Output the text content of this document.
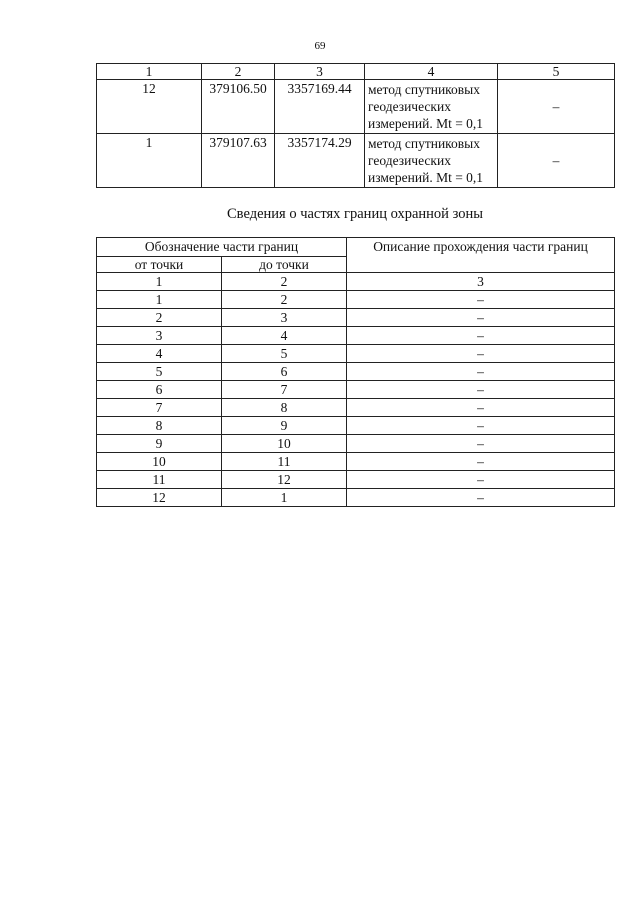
69
1	2	3	4	5
12	379106.50	3357169.44	метод спутниковых
геодезических
измерений. Mt = 0,1	–
1	379107.63	3357174.29	метод спутниковых
геодезических
измерений. Mt = 0,1	–
Сведения о частях границ охранной зоны
Обозначение части границ		Описание прохождения части границ
от точки	до точки	
1	2	3
1	2	–
2	3	–
3	4	–
4	5	–
5	6	–
6	7	–
7	8	–
8	9	–
9	10	–
10	11	–
11	12	–
12	1	–
